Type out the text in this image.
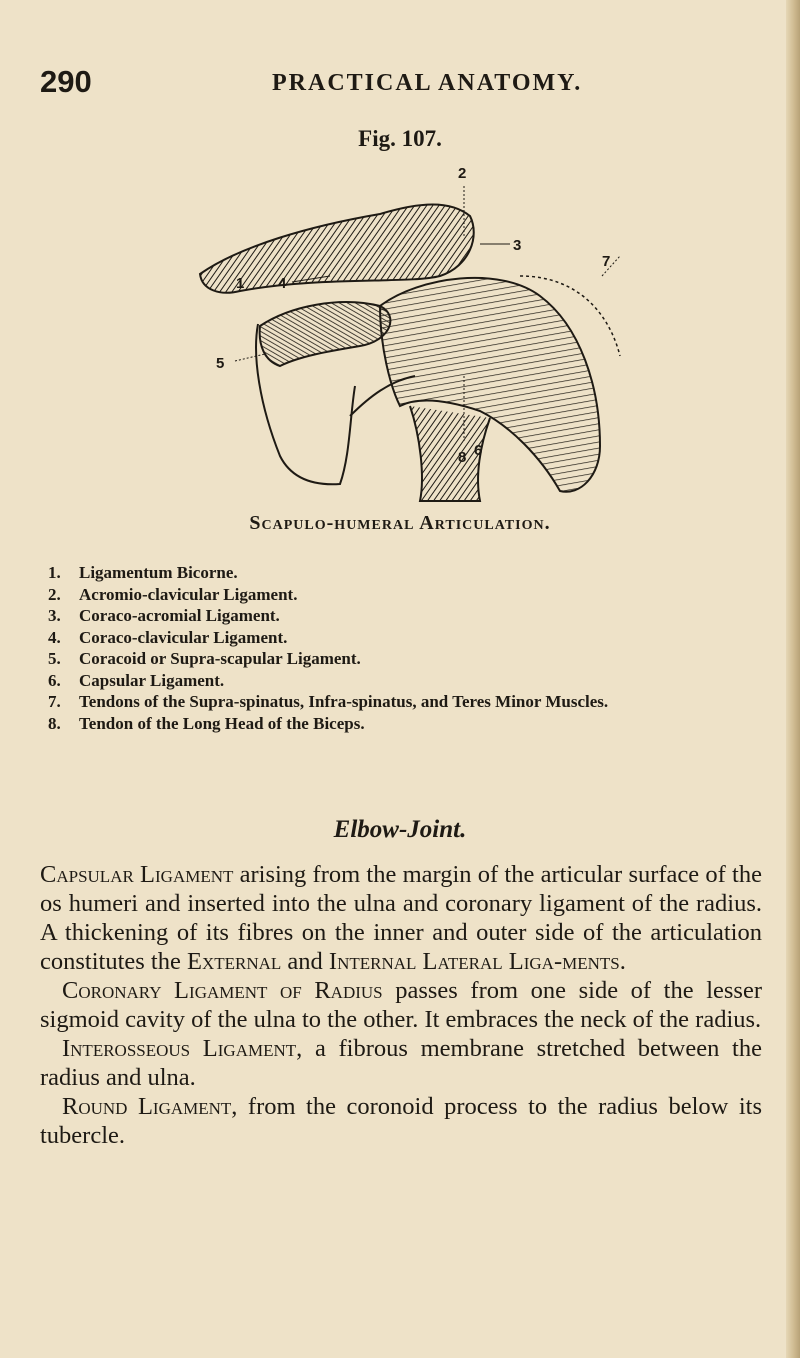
290	PRACTICAL ANATOMY.
Fig. 107.
2
3
4
1
5
7
8 6
Scapulo-humeral Articulation.
1. Ligamentum Bicorne.
2. Acromio-clavicular Ligament.
3. Coraco-acromial Ligament.
4. Coraco-clavicular Ligament.
5. Coracoid or Supra-scapular Ligament.
6. Capsular Ligament.
7. Tendons of the Supra-spinatus, Infra-spinatus, and Teres Minor Muscles.
8. Tendon of the Long Head of the Biceps.
Elbow-Joint.

Capsular Ligament arising from the margin of the articular surface of the os humeri and inserted into the ulna and coronary ligament of the radius. A thickening of its fibres on the inner and outer side of the articulation constitutes the External and Internal Lateral Liga-ments.

Coronary Ligament of Radius passes from one side of the lesser sigmoid cavity of the ulna to the other. It embraces the neck of the radius.

Interosseous Ligament, a fibrous membrane stretched between the radius and ulna.

Round Ligament, from the coronoid process to the radius below its tubercle.
